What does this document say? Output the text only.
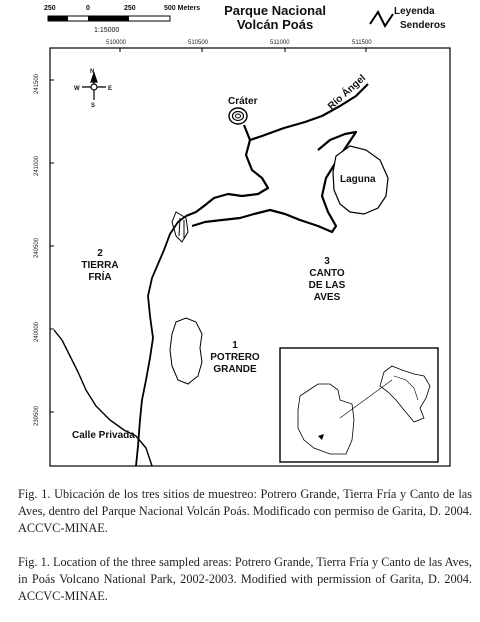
Parque Nacional
Volcán Poás
Leyenda
Senderos
250	0	250	500 Meters
1:15000
510000	510500	511000	511500
241500
241000
240500
240000
239500
N
S
E
W
Cráter	Río Ángel
Laguna
2
TIERRA
FRÍA
3
CANTO
DE LAS
AVES
1
POTRERO
GRANDE
Calle Privada
Fig. 1. Ubicación de los tres sitios de muestreo: Potrero Grande, Tierra Fría y Canto de las Aves, dentro del Parque Nacional Volcán Poás. Modificado con permiso de Garita, D. 2004. ACCVC-MINAE.
Fig. 1. Location of the three sampled areas: Potrero Grande, Tierra Fría y Canto de las Aves, in Poás Volcano National Park, 2002-2003. Modified with permission of Garita, D. 2004. ACCVC-MINAE.
